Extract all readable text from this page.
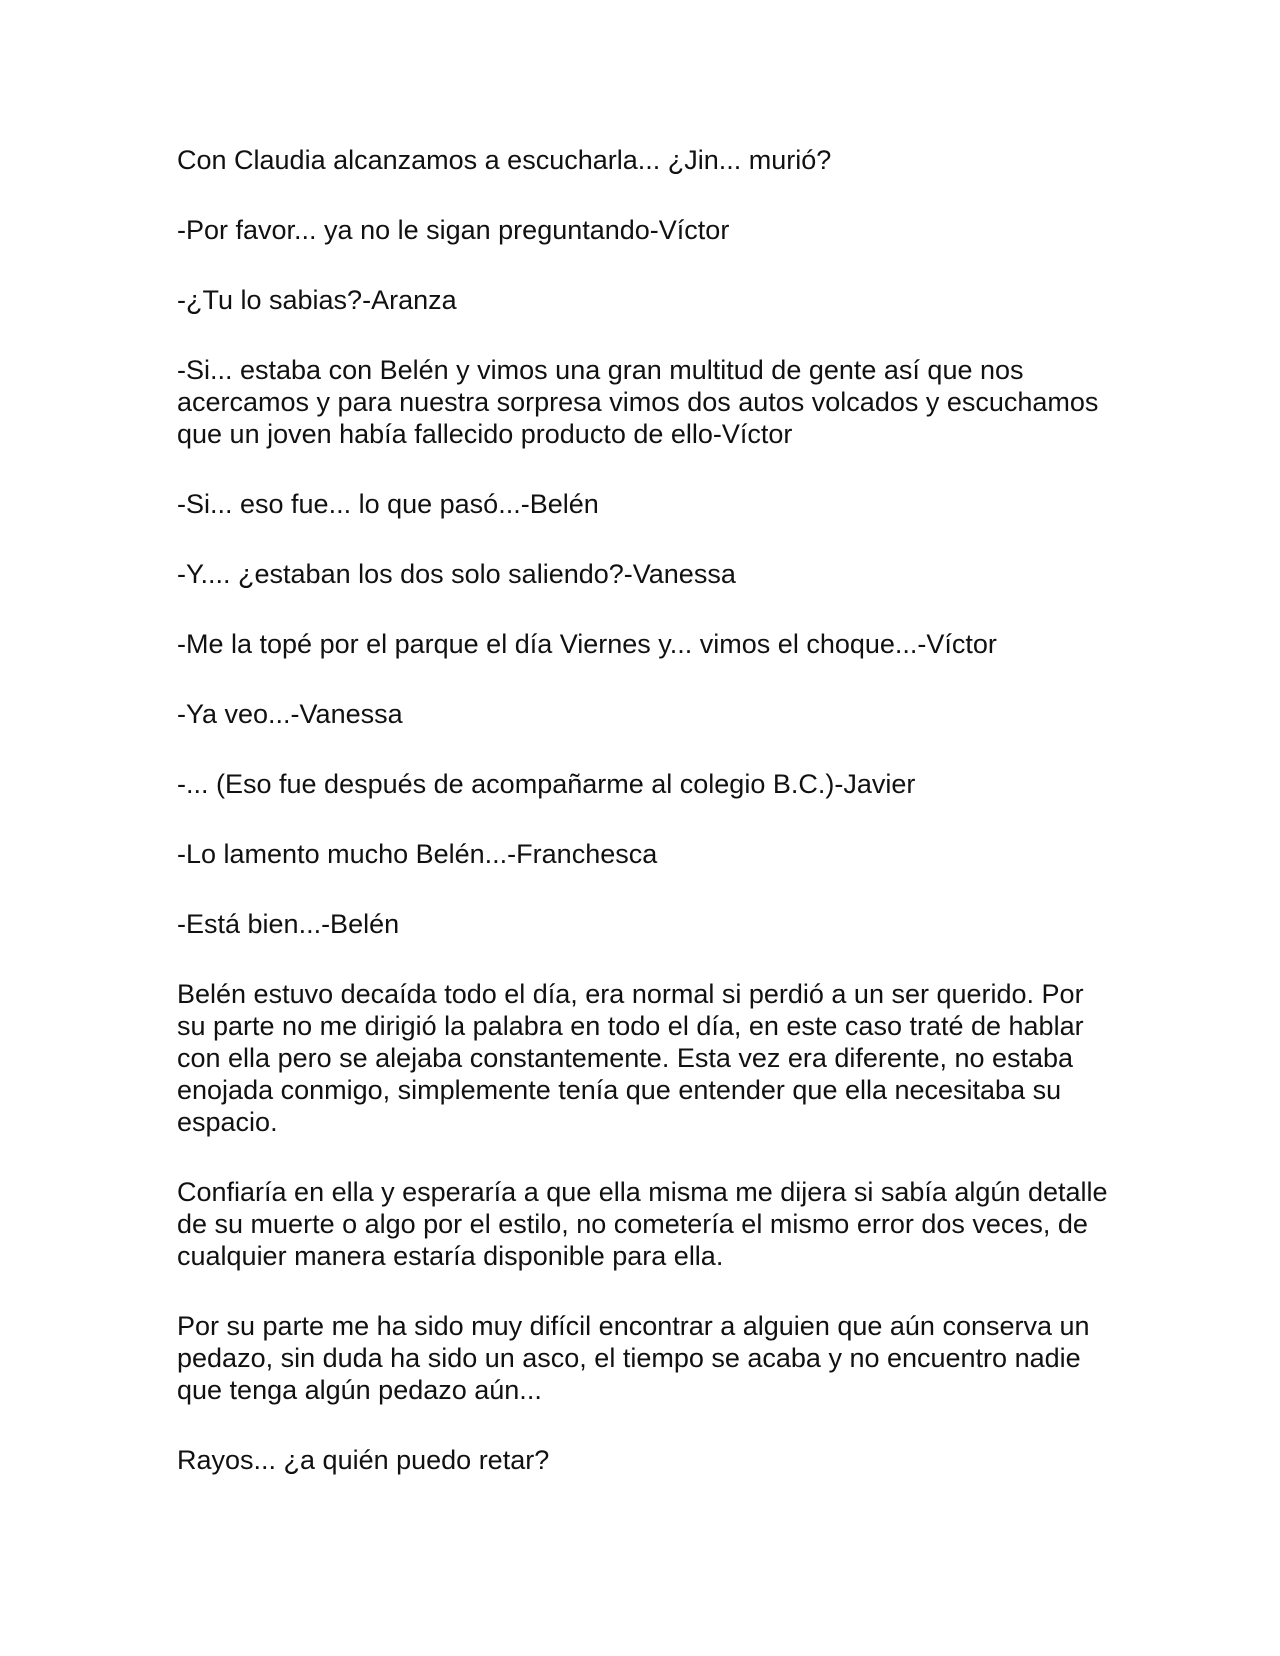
Con Claudia alcanzamos a escucharla... ¿Jin... murió?

-Por favor... ya no le sigan preguntando-Víctor

-¿Tu lo sabias?-Aranza

-Si... estaba con Belén y vimos una gran multitud de gente así que nos acercamos y para nuestra sorpresa vimos dos autos volcados y escuchamos que un joven había fallecido producto de ello-Víctor

-Si... eso fue... lo que pasó...-Belén

-Y.... ¿estaban los dos solo saliendo?-Vanessa

-Me la topé por el parque el día Viernes y... vimos el choque...-Víctor

-Ya veo...-Vanessa

-... (Eso fue después de acompañarme al colegio B.C.)-Javier

-Lo lamento mucho Belén...-Franchesca

-Está bien...-Belén

Belén estuvo decaída todo el día, era normal si perdió a un ser querido. Por su parte no me dirigió la palabra en todo el día, en este caso traté de hablar con ella pero se alejaba constantemente. Esta vez era diferente, no estaba enojada conmigo, simplemente tenía que entender que ella necesitaba su espacio.

Confiaría en ella y esperaría a que ella misma me dijera si sabía algún detalle de su muerte o algo por el estilo, no cometería el mismo error dos veces, de cualquier manera estaría disponible para ella.

Por su parte me ha sido muy difícil encontrar a alguien que aún conserva un pedazo, sin duda ha sido un asco, el tiempo se acaba y no encuentro nadie que tenga algún pedazo aún...

Rayos... ¿a quién puedo retar?
